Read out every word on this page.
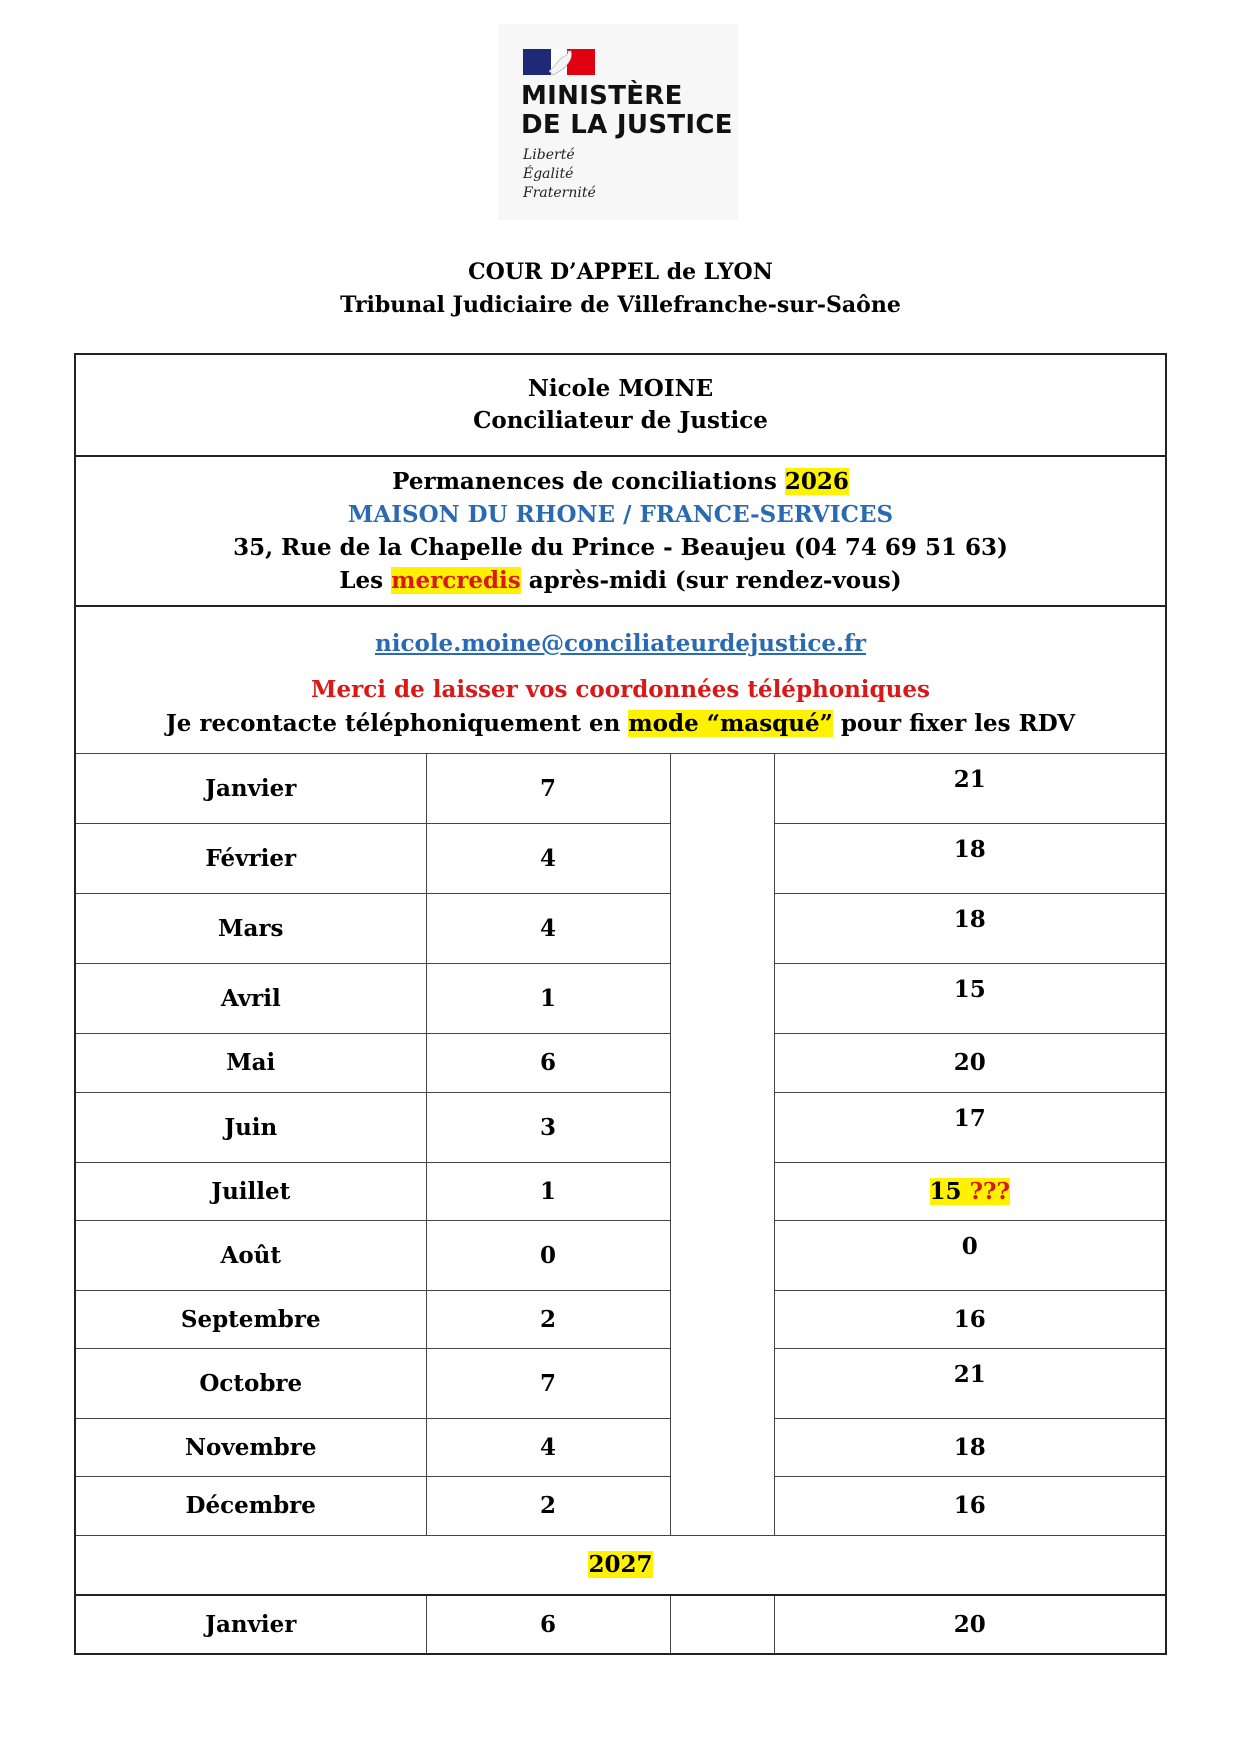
MINISTÈRE
DE LA JUSTICE
Liberté
Égalité
Fraternité
COUR D’APPEL de LYON
Tribunal Judiciaire de Villefranche-sur-Saône
Nicole MOINE
Conciliateur de Justice			

Permanences de conciliations 2026
MAISON DU RHONE / FRANCE-SERVICES
35, Rue de la Chapelle du Prince - Beaujeu (04 74 69 51 63)
Les mercredis après-midi (sur rendez-vous)			

nicole.moine@conciliateurdejustice.fr
Merci de laisser vos coordonnées téléphoniques
Je recontacte téléphoniquement en mode “masqué” pour fixer les RDV			

Janvier	7		21
Février	4		18
Mars	4		18
Avril	1		15
Mai	6		20
Juin	3		17
Juillet	1		15 ???
Août	0		0
Septembre	2		16
Octobre	7		21
Novembre	4		18
Décembre	2		16
2027			
Janvier	6		20
